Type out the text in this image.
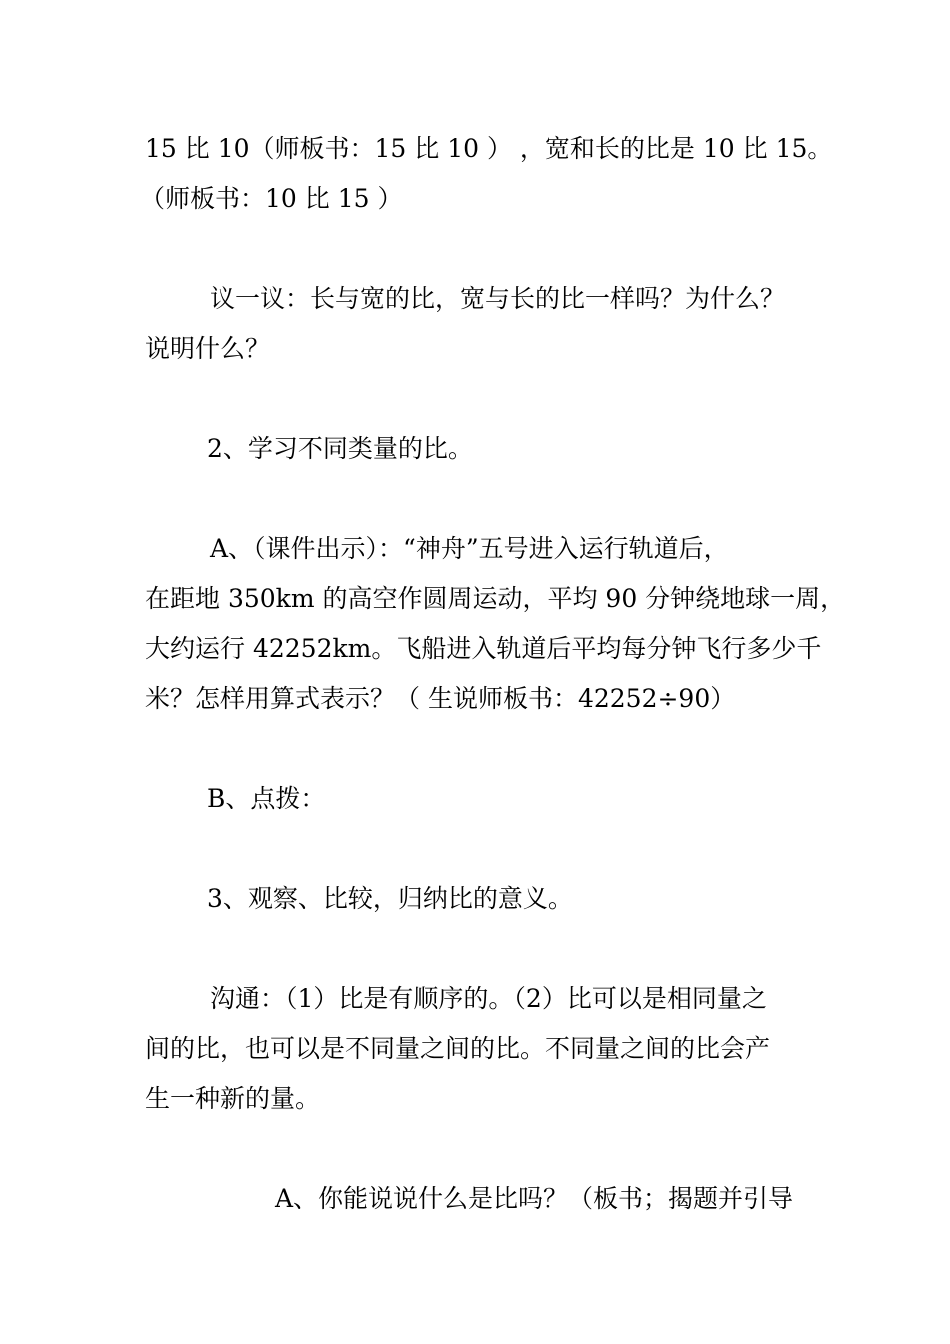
15 比 10（师板书：15 比 10 ） ，宽和长的比是 10 比 15。
（师板书：10 比 15 ）
议一议：长与宽的比，宽与长的比一样吗？为什么？
说明什么？
2、学习不同类量的比。
A、（课件出示）：“神舟”五号进入运行轨道后，
在距地 350km 的高空作圆周运动，平均 90 分钟绕地球一周，
大约运行 42252km。飞船进入轨道后平均每分钟飞行多少千
米？怎样用算式表示？（ 生说师板书：42252÷90）
B、点拨：
3、观察、比较，归纳比的意义。
沟通：（1）比是有顺序的。（2）比可以是相同量之
间的比，也可以是不同量之间的比。不同量之间的比会产
生一种新的量。
A、你能说说什么是比吗？（板书；揭题并引导
